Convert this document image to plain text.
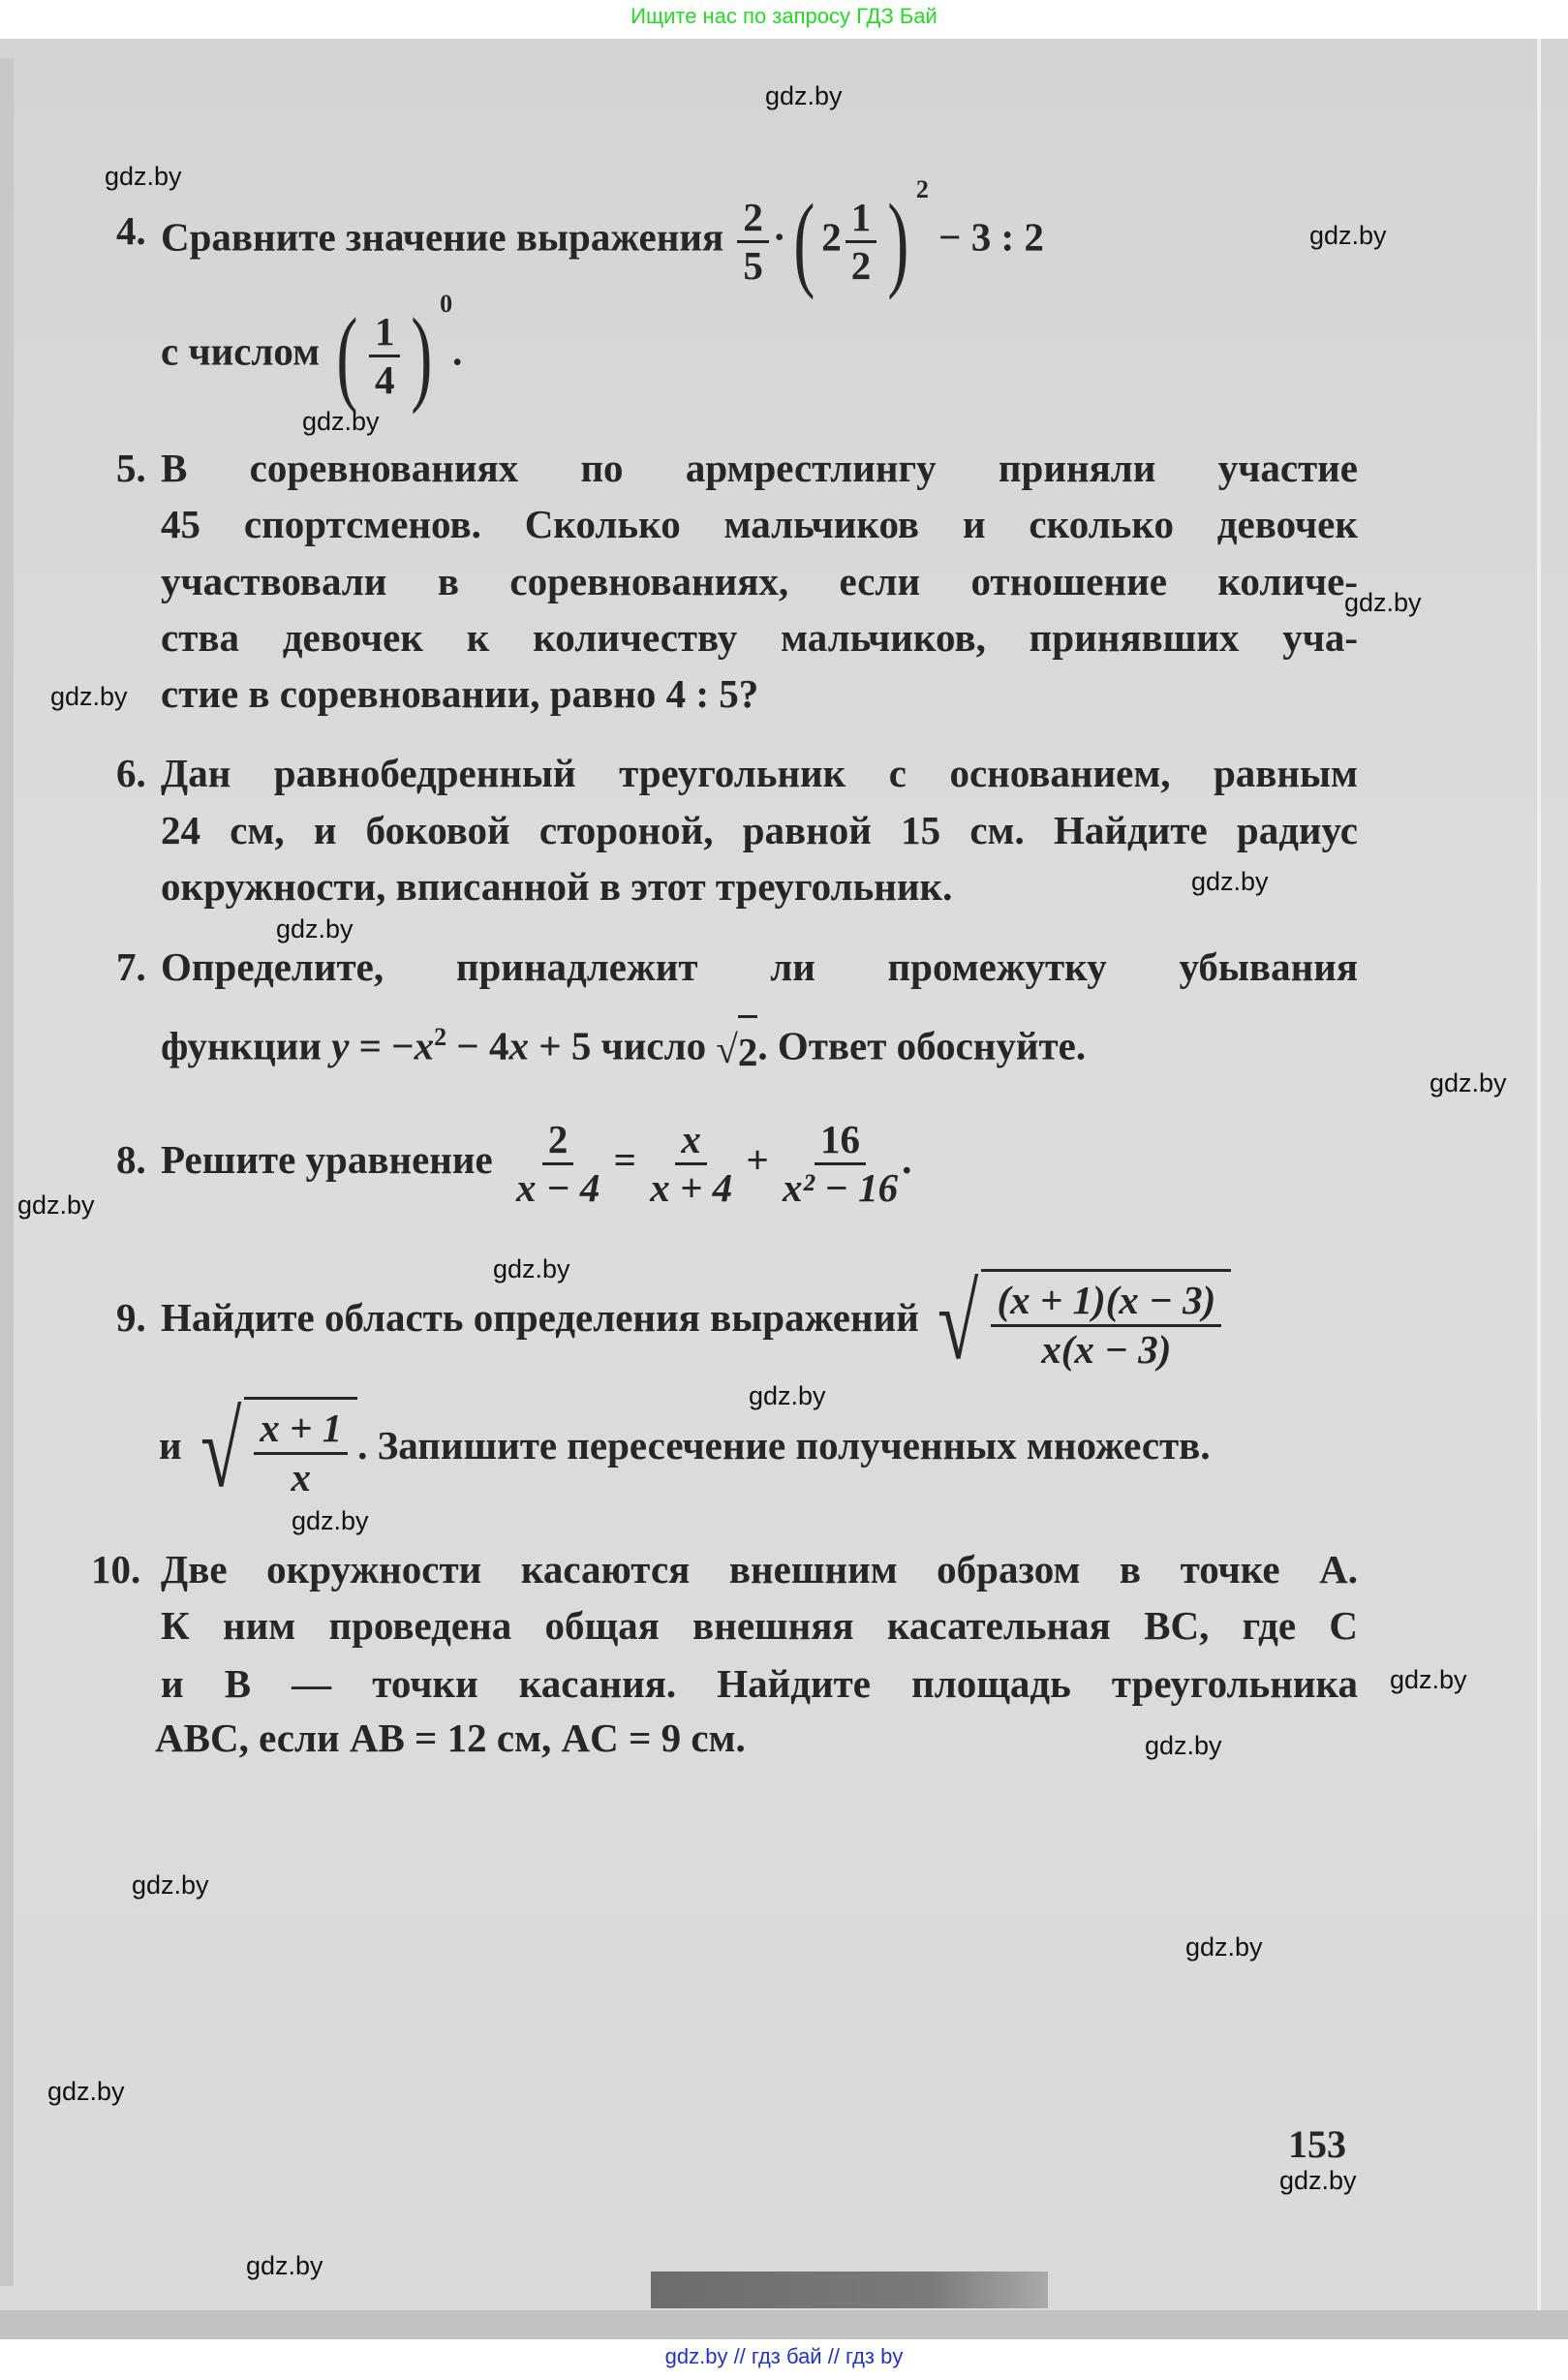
Ищите нас по запросу ГДЗ Бай
4. Сравните значение выражения $\frac{2}{5}$ ·( $2 \frac{1}{2}$ ) $^2$ − 3 : 2
с числом ( $\frac{1}{4}$ ) $^0$.
5. В соревнованиях по армрестлингу приняли участие
45 спортсменов. Сколько мальчиков и сколько девочек
участвовали в соревнованиях, если отношение количе-
ства девочек к количеству мальчиков, принявших уча-
стие в соревновании, равно 4 : 5?
6. Дан равнобедренный треугольник с основанием, равным
24 см, и боковой стороной, равной 15 см. Найдите радиус
окружности, вписанной в этот треугольник.
7. Определите, принадлежит ли промежутку убывания
функции $y = -x^2 - 4x + 5$ число √ 2 . Ответ обоснуйте.
8. Решите уравнение $\frac{2}{x - 4} = \frac{x}{x + 4} + \frac{16}{\text{x² − 16}}$ .
9. Найдите область определения выражений √ $\frac{(x + 1)(x - 3)}{x(x - 3)}$
и √ $\frac{x + 1}{x}$ . Запишите пересечение полученных множеств.
10. Две окружности касаются внешним образом в точке A.
К ним проведена общая внешняя касательная BC, где C
и B — точки касания. Найдите площадь треугольника
ABC, если AB = 12 см, AC = 9 см.
153
gdz.by
gdz.by
gdz.by
gdz.by
gdz.by
gdz.by
gdz.by
gdz.by
gdz.by
gdz.by
gdz.by
gdz.by
gdz.by
gdz.by
gdz.by
gdz.by
gdz.by
gdz.by
gdz.by
gdz.by
gdz.by // гдз бай // гдз by
